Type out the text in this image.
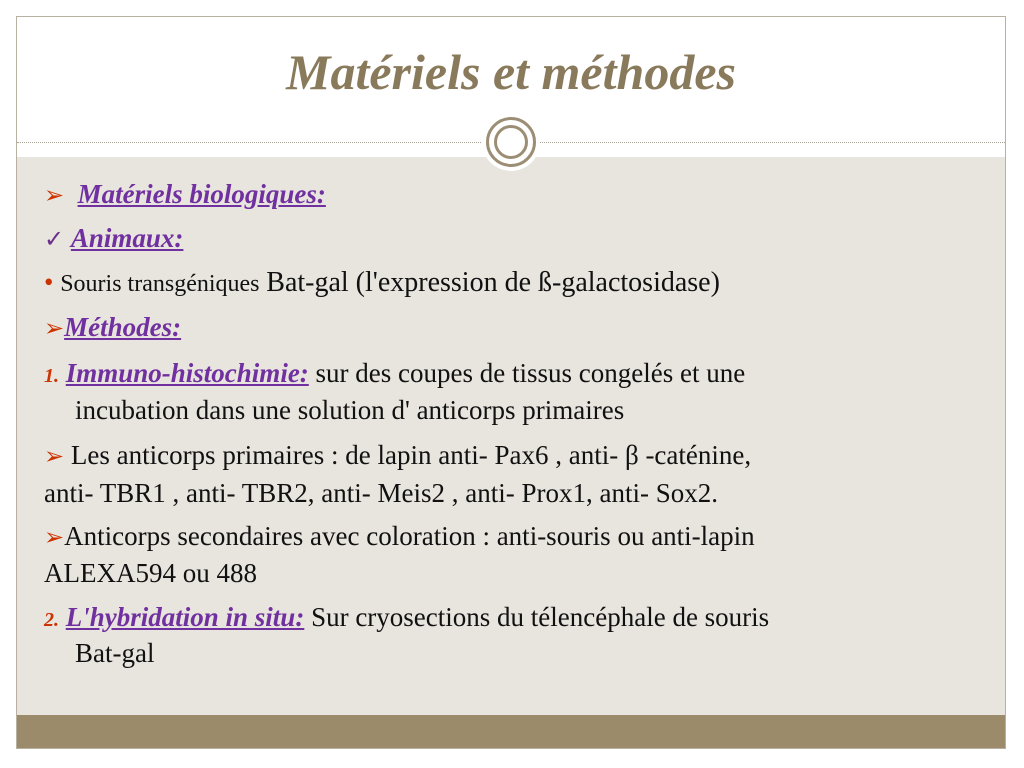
Matériels et méthodes
➢ Matériels biologiques:
✓ Animaux:
• Souris transgéniques Bat-gal (l'expression de ß-galactosidase)
➢Méthodes:
1. Immuno-histochimie: sur des coupes de tissus congelés et une
incubation dans une solution d' anticorps primaires
➢ Les anticorps primaires : de lapin anti- Pax6 , anti- β -caténine,
anti- TBR1 , anti- TBR2, anti- Meis2 , anti- Prox1, anti- Sox2.
➢Anticorps secondaires avec coloration : anti-souris ou anti-lapin
ALEXA594 ou 488
2. L'hybridation in situ: Sur cryosections du télencéphale de souris
Bat-gal
